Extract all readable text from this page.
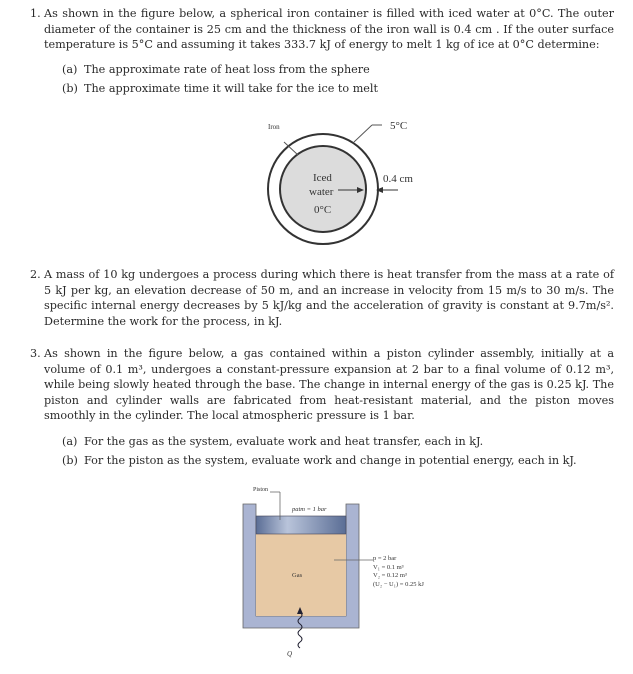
1. As shown in the figure below, a spherical iron container is filled with iced water at 0°C. The outer diameter of the container is 25 cm and the thickness of the iron wall is 0.4 cm . If the outer surface temperature is 5°C and assuming it takes 333.7 kJ of energy to melt 1 kg of ice at 0°C determine:
(a) The approximate rate of heat loss from the sphere
(b) The approximate time it will take for the ice to melt
Iron	5°C
0.4 cm
Iced
water
0°C
2. A mass of 10 kg undergoes a process during which there is heat transfer from the mass at a rate of 5 kJ per kg, an elevation decrease of 50 m, and an increase in velocity from 15 m/s to 30 m/s. The specific internal energy decreases by 5 kJ/kg and the acceleration of gravity is constant at 9.7m/s². Determine the work for the process, in kJ.
3. As shown in the figure below, a gas contained within a piston cylinder assembly, initially at a volume of 0.1 m³, undergoes a constant-pressure expansion at 2 bar to a final volume of 0.12 m³, while being slowly heated through the base. The change in internal energy of the gas is 0.25 kJ. The piston and cylinder walls are fabricated from heat-resistant material, and the piston moves smoothly in the cylinder. The local atmospheric pressure is 1 bar.
(a) For the gas as the system, evaluate work and heat transfer, each in kJ.
(b) For the piston as the system, evaluate work and change in potential energy, each in kJ.
Piston
patm = 1 bar
Gas
Q
p = 2 bar
V₁ = 0.1 m³
V₂ = 0.12 m³
(U₂ − U₁) = 0.25 kJ
